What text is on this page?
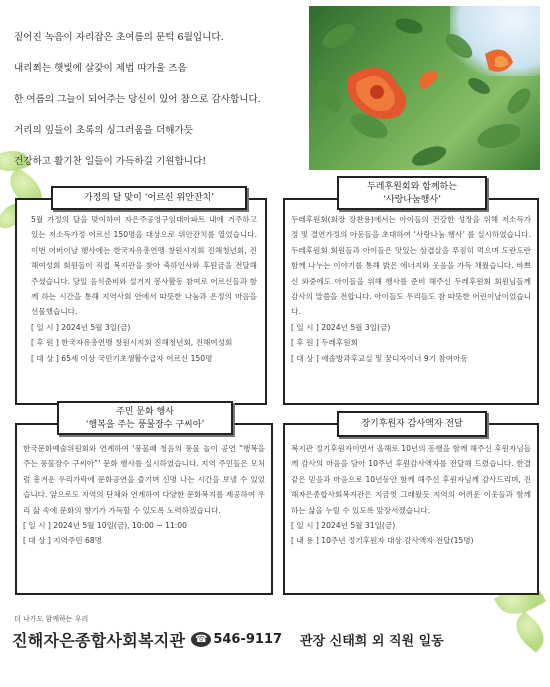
짙어진 녹음이 자리잡은 초여름의 문턱 6월입니다.
내리쬐는 햇빛에 살갗이 제법 따가울 즈음
한 여름의 그늘이 되어주는 당신이 있어 참으로 감사합니다.
거리의 잎들이 초록의 싱그러움을 더해가듯
건강하고 활기찬 일들이 가득하길 기원합니다!
가정의 달 맞이 ‘어르신 위안잔치’
5월 가정의 달을 맞이하여 자은주공영구임대아파트 내에 거주하고 있는 저소득가정 어르신 150명을 대상으로 위안잔치를 열었습니다. 이번 어버이날 행사에는 한국자유총연맹 창원시지회 진해청년회, 진해여성회 회원들이 직접 복지관을 찾아 축하인사와 후원금을 전달해주셨습니다. 당일 음식준비와 설거지 봉사활동 참여로 어르신들과 함께 하는 시간을 통해 지역사회 안에서 따뜻한 나눔과 온정의 마음을 선물했습니다.
[ 일 시 ] 2024년 5월 3일(금)
[ 후 원 ] 한국자유총연맹 창원시지회 진해청년회, 진해여성회
[ 대 상 ] 65세 이상 국민기초생활수급자 어르신 150명
두레후원회와 함께하는
‘사랑나눔행사’
두레후원회(회장 장찬용)에서는 아이들의 건강한 성장을 위해 저소득가정 및 결연가정의 아동들을 초대하여 ‘사랑나눔 행사’ 를 실시하였습니다. 두레후원회 회원들과 아이들은 맛있는 삼겹살을 푸짐히 먹으며 도란도란 함께 나누는 이야기를 통해 밝은 에너지와 웃음을 가득 채웠습니다. 바쁘신 와중에도 아이들을 위해 행사를 준비 해주신 두레후원회 회원님들께 감사의 말씀을 전합니다. 아이들도 우리들도 참 따뜻한 어린이날이었습니다.
[ 일 시 ] 2024년 5월 3일(금)
[ 후 원 ] 두레후원회
[ 대 상 ] 애솔방과후교실 및 꿈디자이너 9기 참여아동
주민 문화 행사
‘행복을 주는 풍물장수 구씨아’
한국문화예술위원회와 연계하여 ‘풍물패 청음의 풍물 놀이 공연 “행복을 주는 풍물장수 구씨아”’ 문화 행사를 실시하였습니다. 지역 주민들은 모처럼 흥겨운 우리가락에 문화공연을 즐기며 신명 나는 시간을 보낼 수 있었습니다. 앞으로도 지역의 단체와 연계하여 다양한 문화복지를 제공하여 우리 삶 속에 문화의 향기가 가득할 수 있도록 노력하겠습니다.
[ 일 시 ] 2024년 5월 10일(금), 10:00 ~ 11:00
[ 대 상 ] 지역주민 68명
장기후원자 감사액자 전달
복지관 정기후원자이면서 올해로 10년의 동행을 함께 해주신 후원자님들께 감사의 마음을 담아 10주년 후원감사액자를 전달해 드렸습니다. 한결 같은 믿음과 마음으로 10년동안 함께 해주신 후원자님께 감사드리며, 진해자은종합사회복지관은 지금껏 그래왔듯 지역의 어려운 이웃들과 함께하는 삶을 누릴 수 있도록 앞장서겠습니다.
[ 일 시 ] 2024년 5월 31일(금)
[ 내 용 ] 10주년 정기후원자 대상 감사액자 전달(15명)
더 나가도 함께하는 우리
진해자은종합사회복지관 ☎ 546-9117 관장 신태희 외 직원 일동
